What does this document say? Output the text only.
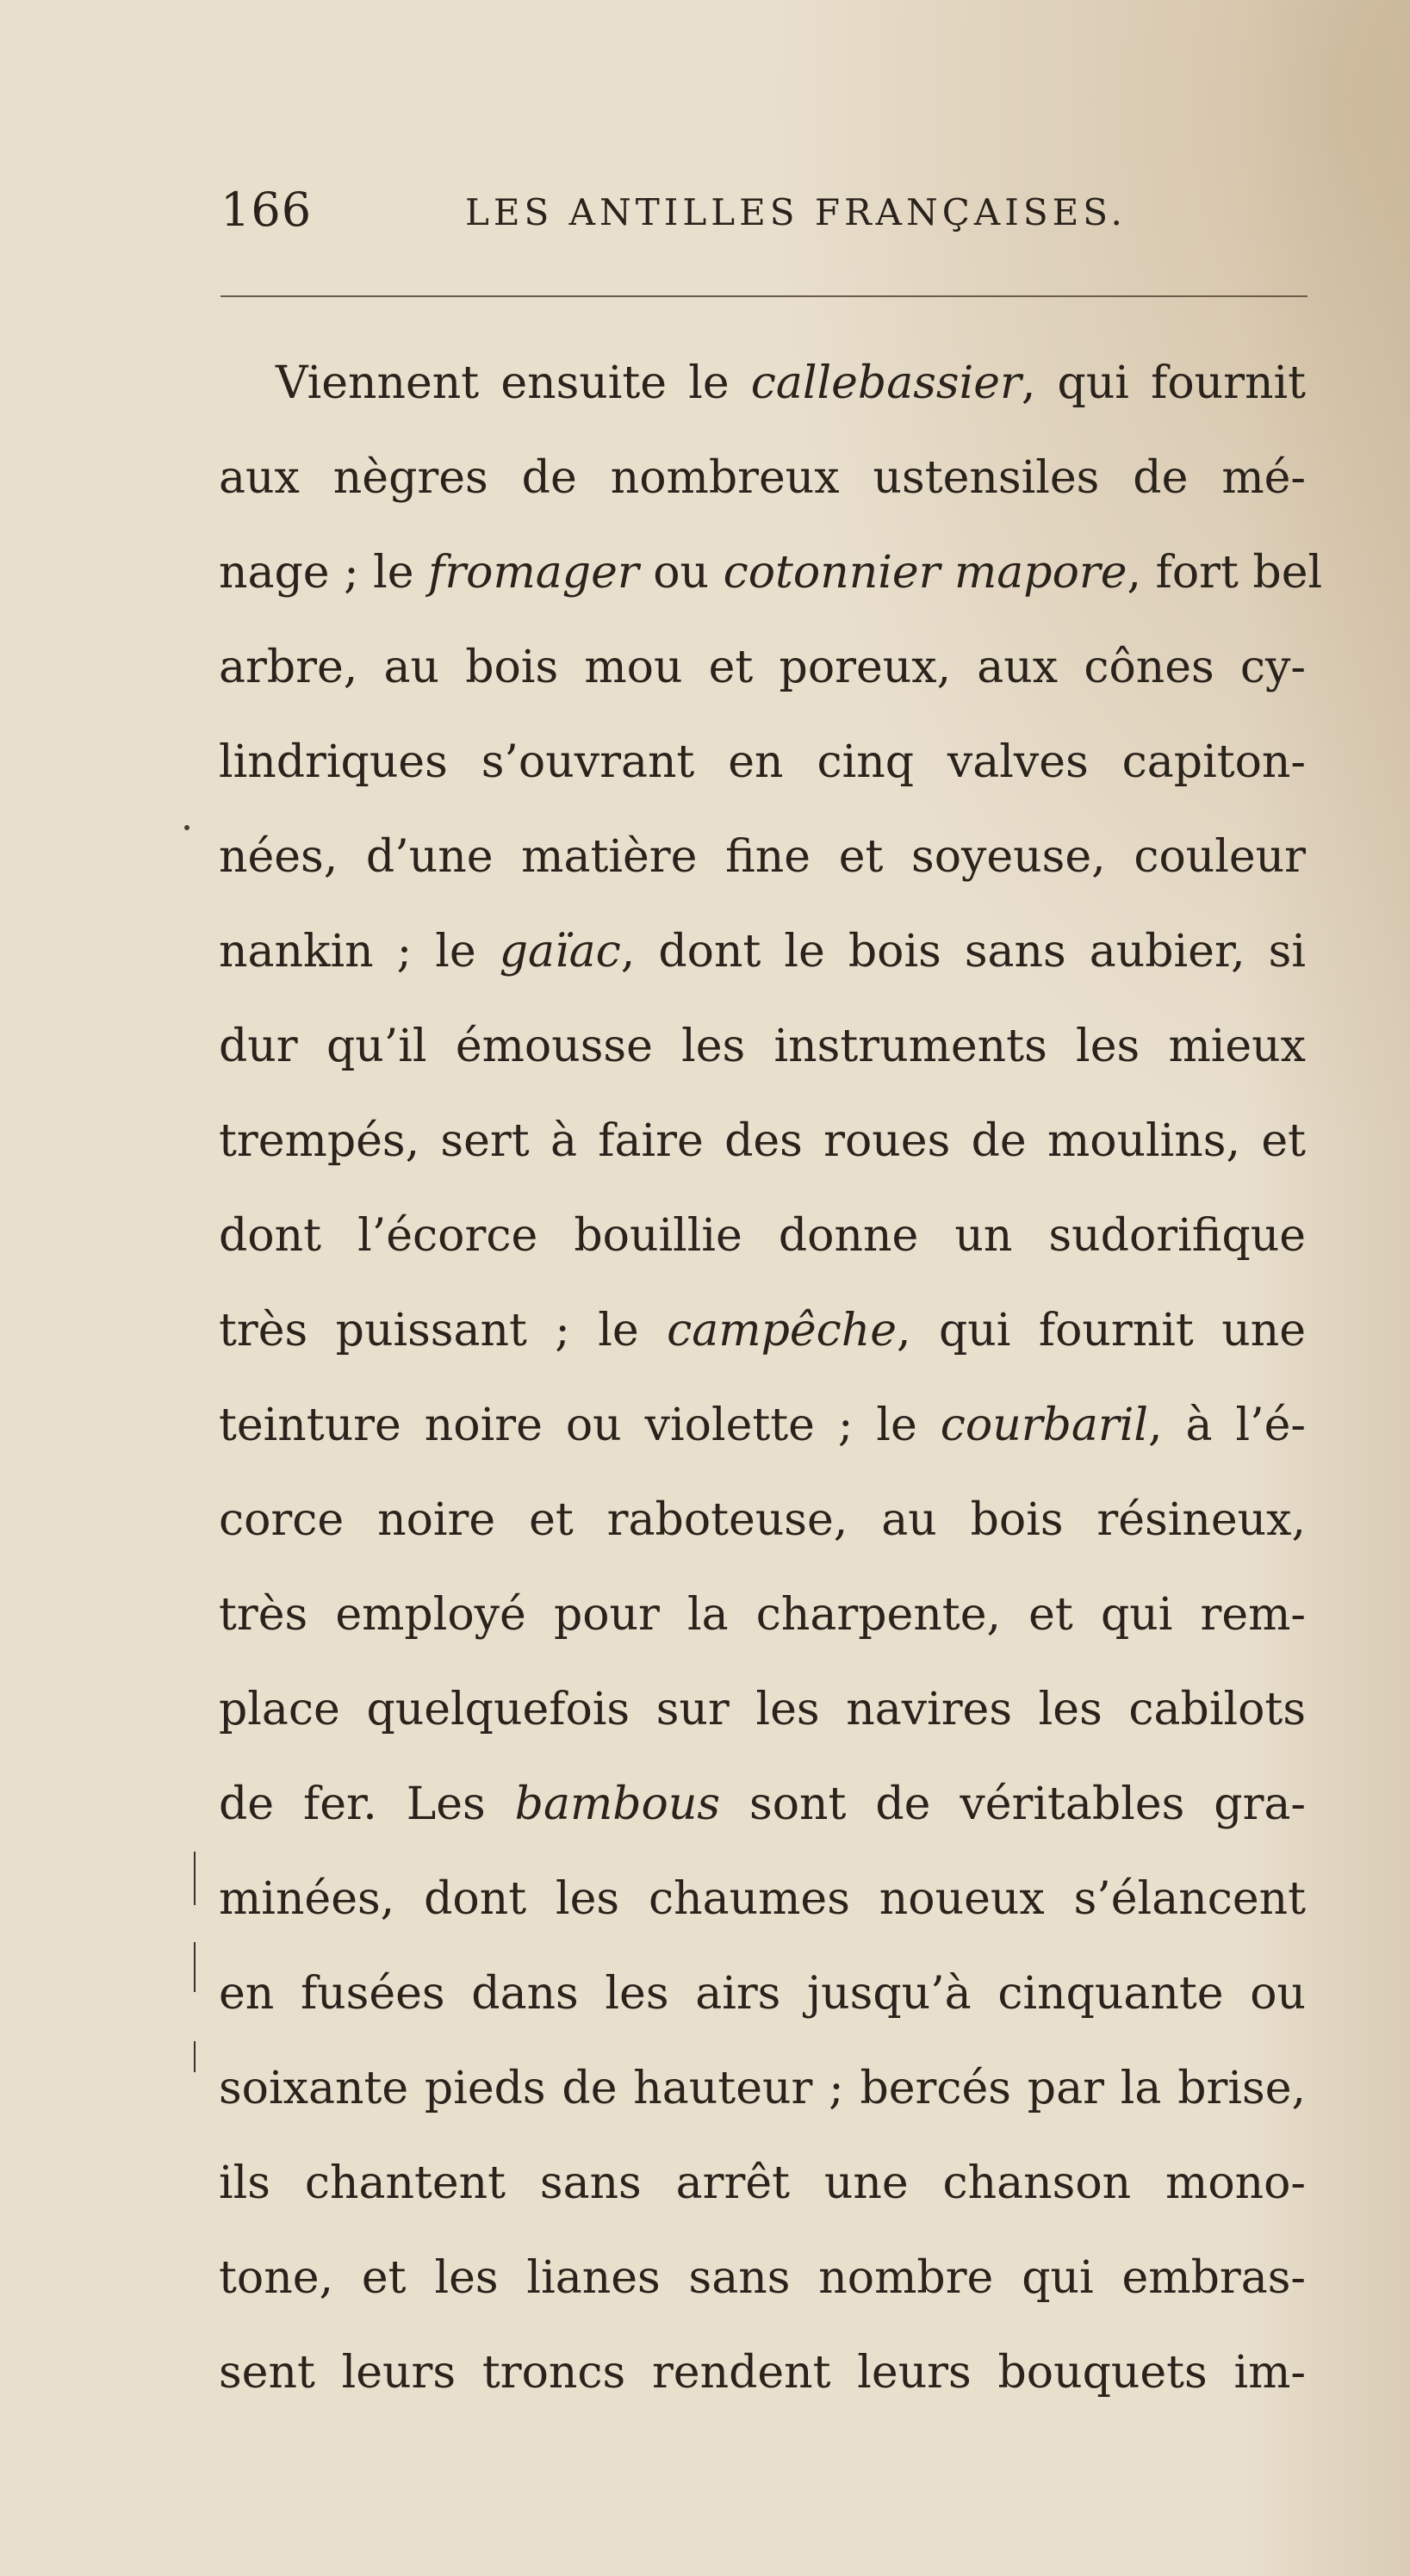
166	LES ANTILLES FRANÇAISES.
Viennent ensuite le callebassier, qui fournit
aux nègres de nombreux ustensiles de mé-
nage ; le fromager ou cotonnier mapore, fort bel
arbre, au bois mou et poreux, aux cônes cy-
lindriques s’ouvrant en cinq valves capiton-
nées, d’une matière fine et soyeuse, couleur
nankin ; le gaïac, dont le bois sans aubier, si
dur qu’il émousse les instruments les mieux
trempés, sert à faire des roues de moulins, et
dont l’écorce bouillie donne un sudorifique
très puissant ; le campêche, qui fournit une
teinture noire ou violette ; le courbaril, à l’é-
corce noire et raboteuse, au bois résineux,
très employé pour la charpente, et qui rem-
place quelquefois sur les navires les cabilots
de fer. Les bambous sont de véritables gra-
minées, dont les chaumes noueux s’élancent
en fusées dans les airs jusqu’à cinquante ou
soixante pieds de hauteur ; bercés par la brise,
ils chantent sans arrêt une chanson mono-
tone, et les lianes sans nombre qui embras-
sent leurs troncs rendent leurs bouquets im-
